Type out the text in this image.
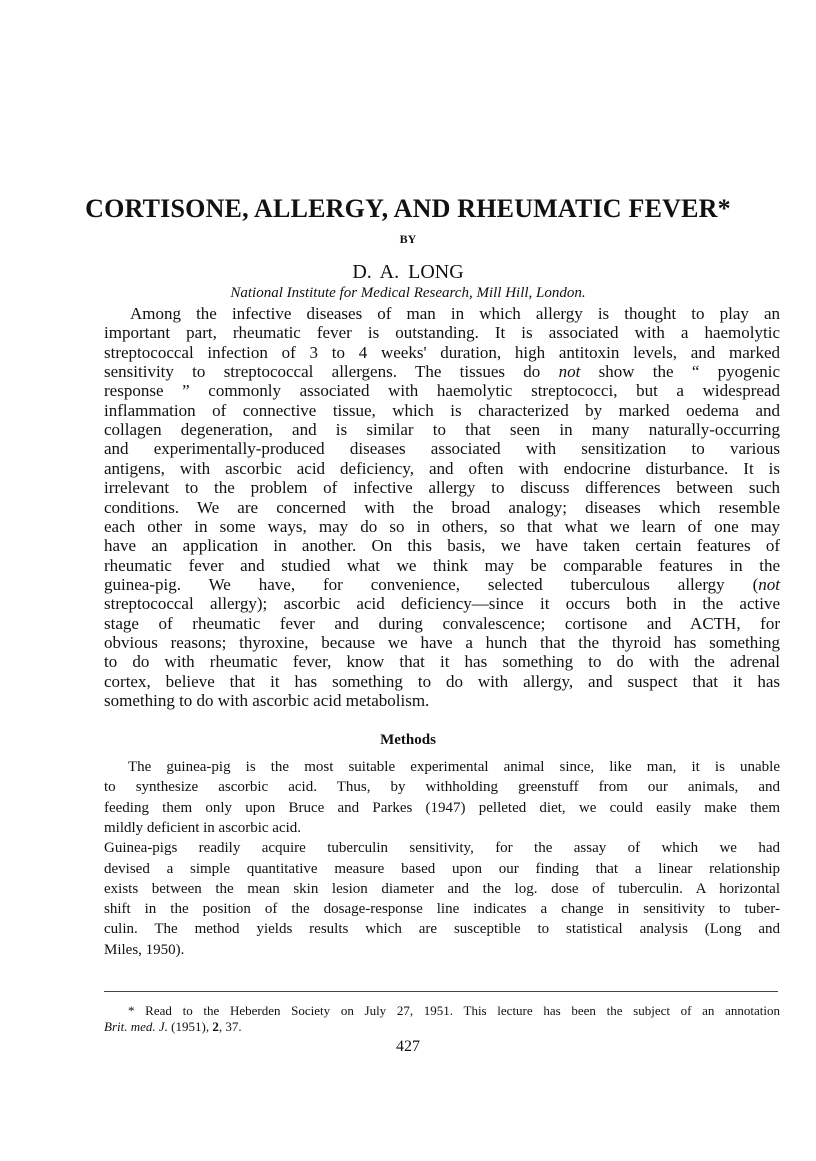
CORTISONE, ALLERGY, AND RHEUMATIC FEVER*
BY
D. A. LONG
National Institute for Medical Research, Mill Hill, London.
Among the infective diseases of man in which allergy is thought to play an
important part, rheumatic fever is outstanding. It is associated with a haemolytic
streptococcal infection of 3 to 4 weeks' duration, high antitoxin levels, and marked
sensitivity to streptococcal allergens. The tissues do not show the “ pyogenic
response ” commonly associated with haemolytic streptococci, but a widespread
inflammation of connective tissue, which is characterized by marked oedema and
collagen degeneration, and is similar to that seen in many naturally-occurring
and experimentally-produced diseases associated with sensitization to various
antigens, with ascorbic acid deficiency, and often with endocrine disturbance. It is
irrelevant to the problem of infective allergy to discuss differences between such
conditions. We are concerned with the broad analogy; diseases which resemble
each other in some ways, may do so in others, so that what we learn of one may
have an application in another. On this basis, we have taken certain features of
rheumatic fever and studied what we think may be comparable features in the
guinea-pig. We have, for convenience, selected tuberculous allergy (not
streptococcal allergy); ascorbic acid deficiency—since it occurs both in the active
stage of rheumatic fever and during convalescence; cortisone and ACTH, for
obvious reasons; thyroxine, because we have a hunch that the thyroid has something
to do with rheumatic fever, know that it has something to do with the adrenal
cortex, believe that it has something to do with allergy, and suspect that it has
something to do with ascorbic acid metabolism.
Methods
The guinea-pig is the most suitable experimental animal since, like man, it is unable
to synthesize ascorbic acid. Thus, by withholding greenstuff from our animals, and
feeding them only upon Bruce and Parkes (1947) pelleted diet, we could easily make them
mildly deficient in ascorbic acid.
Guinea-pigs readily acquire tuberculin sensitivity, for the assay of which we had
devised a simple quantitative measure based upon our finding that a linear relationship
exists between the mean skin lesion diameter and the log. dose of tuberculin. A horizontal
shift in the position of the dosage-response line indicates a change in sensitivity to tuber-
culin. The method yields results which are susceptible to statistical analysis (Long and
Miles, 1950).
* Read to the Heberden Society on July 27, 1951. This lecture has been the subject of an annotation
Brit. med. J. (1951), 2, 37.
427
